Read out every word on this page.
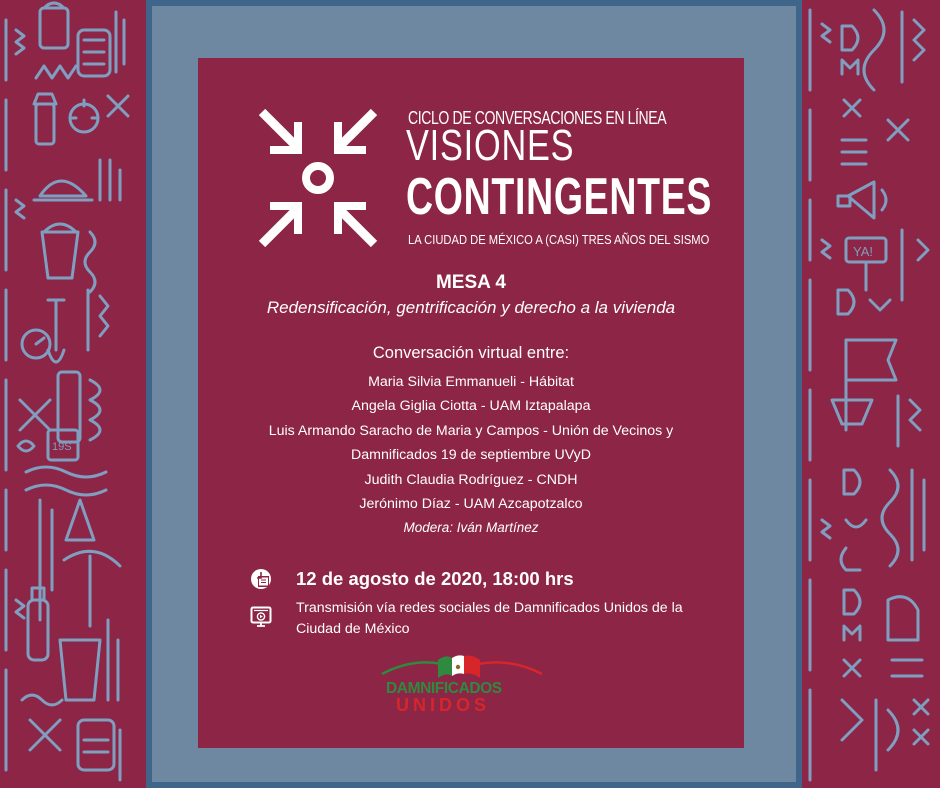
19S
YA!
CICLO DE CONVERSACIONES EN LÍNEA
VISIONES
CONTINGENTES
LA CIUDAD DE MÉXICO A (CASI) TRES AÑOS DEL SISMO
MESA 4
Redensificación, gentrificación y derecho a la vivienda
Conversación virtual entre:
Maria Silvia Emmanueli - Hábitat
Angela Giglia Ciotta - UAM Iztapalapa
Luis Armando Saracho de Maria y Campos - Unión de Vecinos y
Damnificados 19 de septiembre UVyD
Judith Claudia Rodríguez - CNDH
Jerónimo Díaz - UAM Azcapotzalco
Modera: Iván Martínez
12 de agosto de 2020, 18:00 hrs
Transmisión vía redes sociales de Damnificados Unidos de la Ciudad de México
DAMNIFICADOS
UNIDOS
